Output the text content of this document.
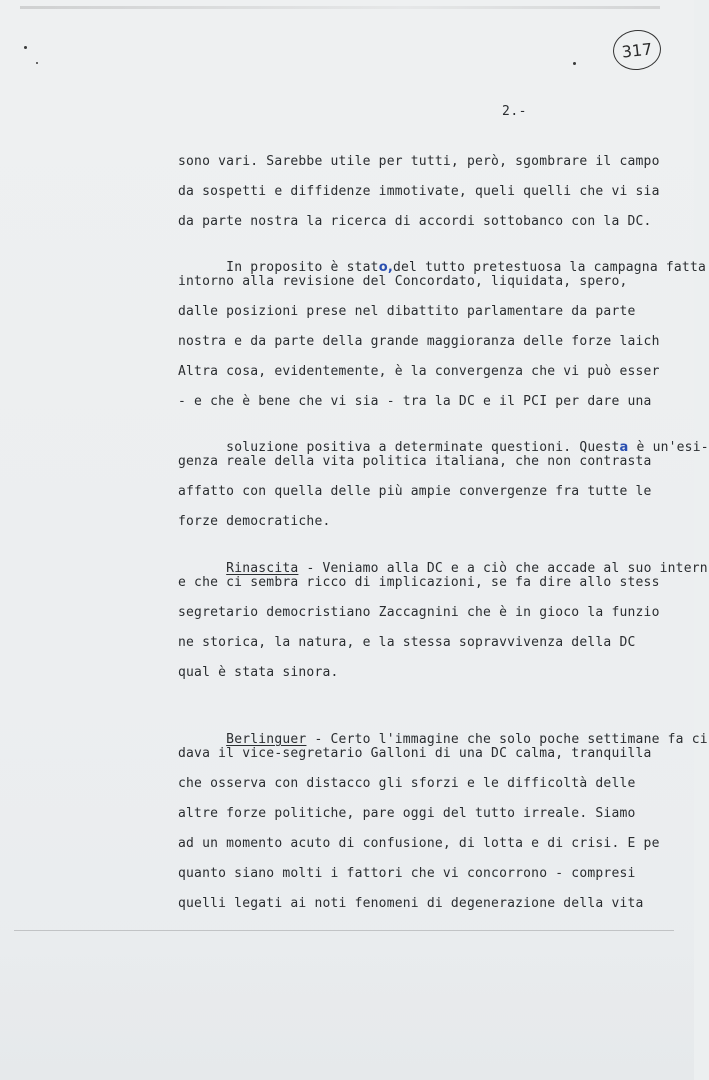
317
2.-
sono vari. Sarebbe utile per tutti, però, sgombrare il campo
da sospetti e diffidenze immotivate, queli quelli che vi sia
da parte nostra la ricerca di accordi sottobanco con la DC.

In proposito è stato,del tutto pretestuosa la campagna fatta

intorno alla revisione del Concordato, liquidata, spero,
dalle posizioni prese nel dibattito parlamentare da parte
nostra e da parte della grande maggioranza delle forze laich
Altra cosa, evidentemente, è la convergenza che vi può esser
- e che è bene che vi sia - tra la DC e il PCI per dare una

soluzione positiva a determinate questioni. Questa è un'esi-

genza reale della vita politica italiana, che non contrasta
affatto con quella delle più ampie convergenze fra tutte le
forze democratiche.

Rinascita - Veniamo alla DC e a ciò che accade al suo intern

e che ci sembra ricco di implicazioni, se fa dire allo stess
segretario democristiano Zaccagnini che è in gioco la funzio
ne storica, la natura, e la stessa sopravvivenza della DC
qual è stata sinora.

Berlinguer - Certo l'immagine che solo poche settimane fa ci

dava il vice-segretario Galloni di una DC calma, tranquilla
che osserva con distacco gli sforzi e le difficoltà delle
altre forze politiche, pare oggi del tutto irreale. Siamo
ad un momento acuto di confusione, di lotta e di crisi. E pe
quanto siano molti i fattori che vi concorrono - compresi
quelli legati ai noti fenomeni di degenerazione della vita
